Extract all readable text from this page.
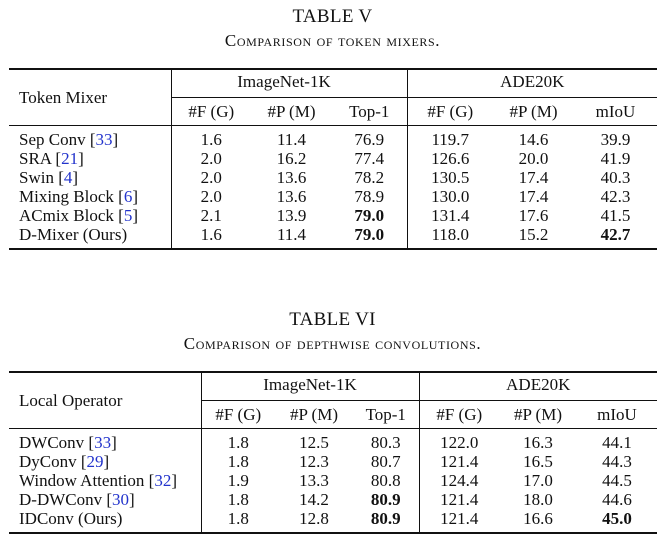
TABLE V
Comparison of token mixers.
Token Mixer	ImageNet-1K			ADE20K		

	#F (G)	#P (M)	Top-1	#F (G)	#P (M)	mIoU
Sep Conv [33]	1.6	11.4	76.9	119.7	14.6	39.9
SRA [21]	2.0	16.2	77.4	126.6	20.0	41.9
Swin [4]	2.0	13.6	78.2	130.5	17.4	40.3
Mixing Block [6]	2.0	13.6	78.9	130.0	17.4	42.3
ACmix Block [5]	2.1	13.9	79.0	131.4	17.6	41.5
D-Mixer (Ours)	1.6	11.4	79.0	118.0	15.2	42.7
TABLE VI
Comparison of depthwise convolutions.
Local Operator	ImageNet-1K			ADE20K		

	#F (G)	#P (M)	Top-1	#F (G)	#P (M)	mIoU
DWConv [33]	1.8	12.5	80.3	122.0	16.3	44.1
DyConv [29]	1.8	12.3	80.7	121.4	16.5	44.3
Window Attention [32]	1.9	13.3	80.8	124.4	17.0	44.5
D-DWConv [30]	1.8	14.2	80.9	121.4	18.0	44.6
IDConv (Ours)	1.8	12.8	80.9	121.4	16.6	45.0
